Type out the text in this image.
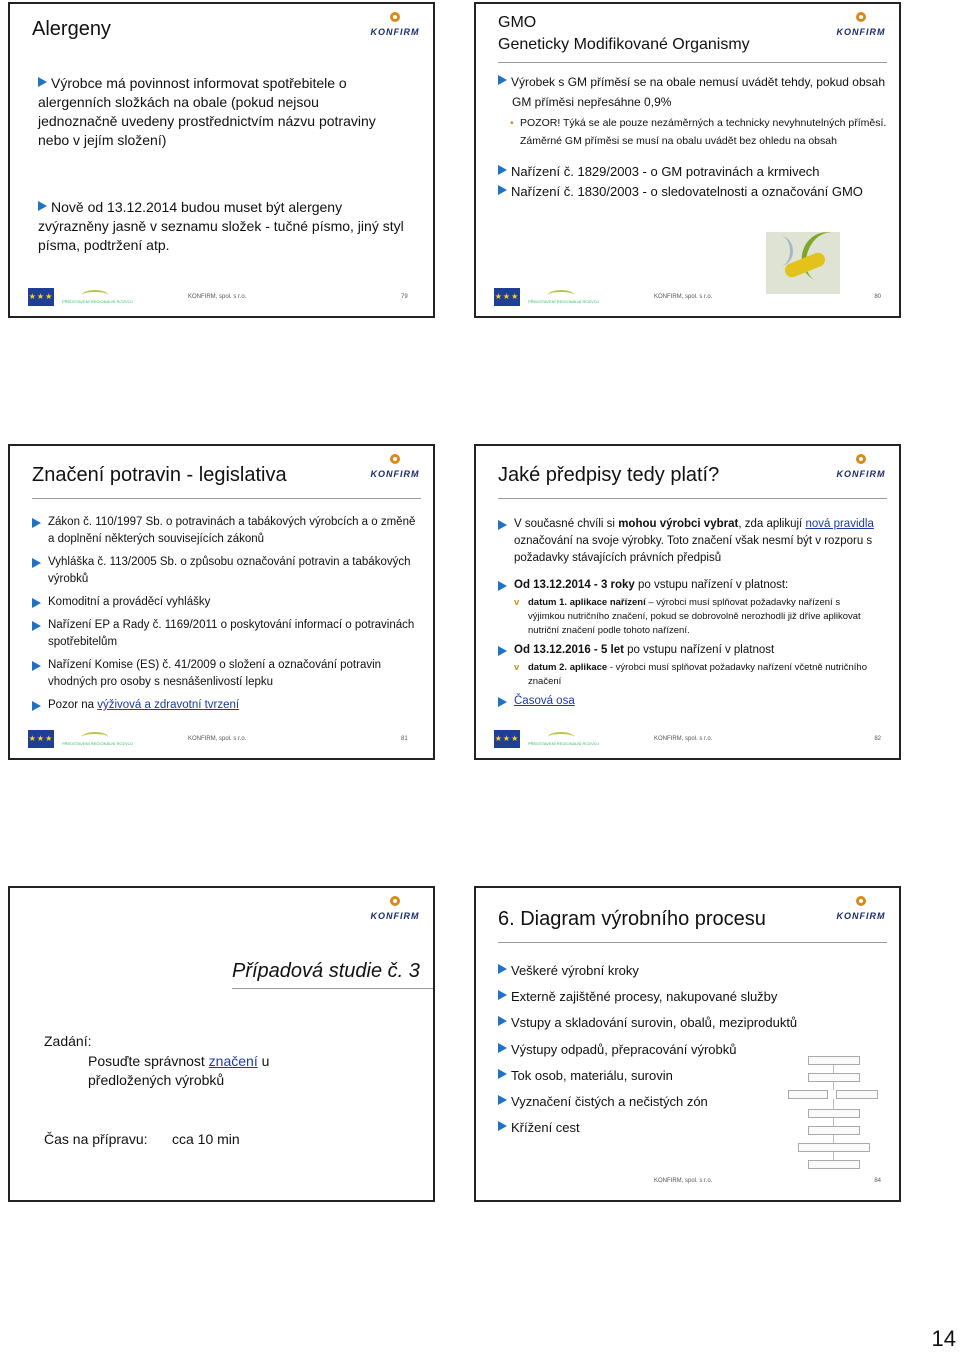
Alergeny	KONFIRM
Výrobce má povinnost informovat spotřebitele o alergenních složkách na obale (pokud nejsou jednoznačně uvedeny prostřednictvím názvu potraviny nebo v jejím složení)
Nově od 13.12.2014 budou muset být alergeny zvýrazněny jasně v seznamu složek - tučné písmo, jiný styl písma, podtržení atp.
★★★
PŘEDSTAVENÍ REGIONÁLNÍ ROZVOJ
KONFIRM, spol. s r.o.	79
GMO
Geneticky Modifikované Organismy
KONFIRM
Výrobek s GM příměsí se na obale nemusí uvádět tehdy, pokud obsah GM příměsi nepřesáhne 0,9%
• POZOR! Týká se ale pouze nezáměrných a technicky nevyhnutelných příměsí. Záměrné GM příměsi se musí na obalu uvádět bez ohledu na obsah
Nařízení č. 1829/2003 - o GM potravinách a krmivech
Nařízení č. 1830/2003 - o sledovatelnosti a označování GMO
★★★
PŘEDSTAVENÍ REGIONÁLNÍ ROZVOJ
KONFIRM, spol. s r.o.	80
Značení potravin - legislativa	KONFIRM
Zákon č. 110/1997 Sb. o potravinách a tabákových výrobcích a o změně a doplnění některých souvisejících zákonů
Vyhláška č. 113/2005 Sb. o způsobu označování potravin a tabákových výrobků
Komoditní a prováděcí vyhlášky
Nařízení EP a Rady č. 1169/2011 o poskytování informací o potravinách spotřebitelům
Nařízení Komise (ES) č. 41/2009 o složení a označování potravin vhodných pro osoby s nesnášenlivostí lepku
Pozor na výživová a zdravotní tvrzení
★★★
PŘEDSTAVENÍ REGIONÁLNÍ ROZVOJ
KONFIRM, spol. s r.o.	81
Jaké předpisy tedy platí?	KONFIRM
V současné chvíli si mohou výrobci vybrat, zda aplikují nová pravidla označování na svoje výrobky. Toto značení však nesmí být v rozporu s požadavky stávajících právních předpisů
Od 13.12.2014 - 3 roky po vstupu nařízení v platnost:
v datum 1. aplikace nařízení – výrobci musí splňovat požadavky nařízení s výjimkou nutričního značení, pokud se dobrovolně nerozhodli již dříve aplikovat nutriční značení podle tohoto nařízení.
Od 13.12.2016 - 5 let po vstupu nařízení v platnost
v datum 2. aplikace - výrobci musí splňovat požadavky nařízení včetně nutričního značení
Časová osa
★★★
PŘEDSTAVENÍ REGIONÁLNÍ ROZVOJ
KONFIRM, spol. s r.o.	82
KONFIRM
Případová studie č. 3
Zadání:
Posuďte správnost značení u předložených výrobků
Čas na přípravu: cca 10 min
KONFIRM
6. Diagram výrobního procesu
Veškeré výrobní kroky
Externě zajištěné procesy, nakupované služby
Vstupy a skladování surovin, obalů, meziproduktů
Výstupy odpadů, přepracování výrobků
Tok osob, materiálu, surovin
Vyznačení čistých a nečistých zón
Křížení cest
KONFIRM, spol. s r.o.	84
14
